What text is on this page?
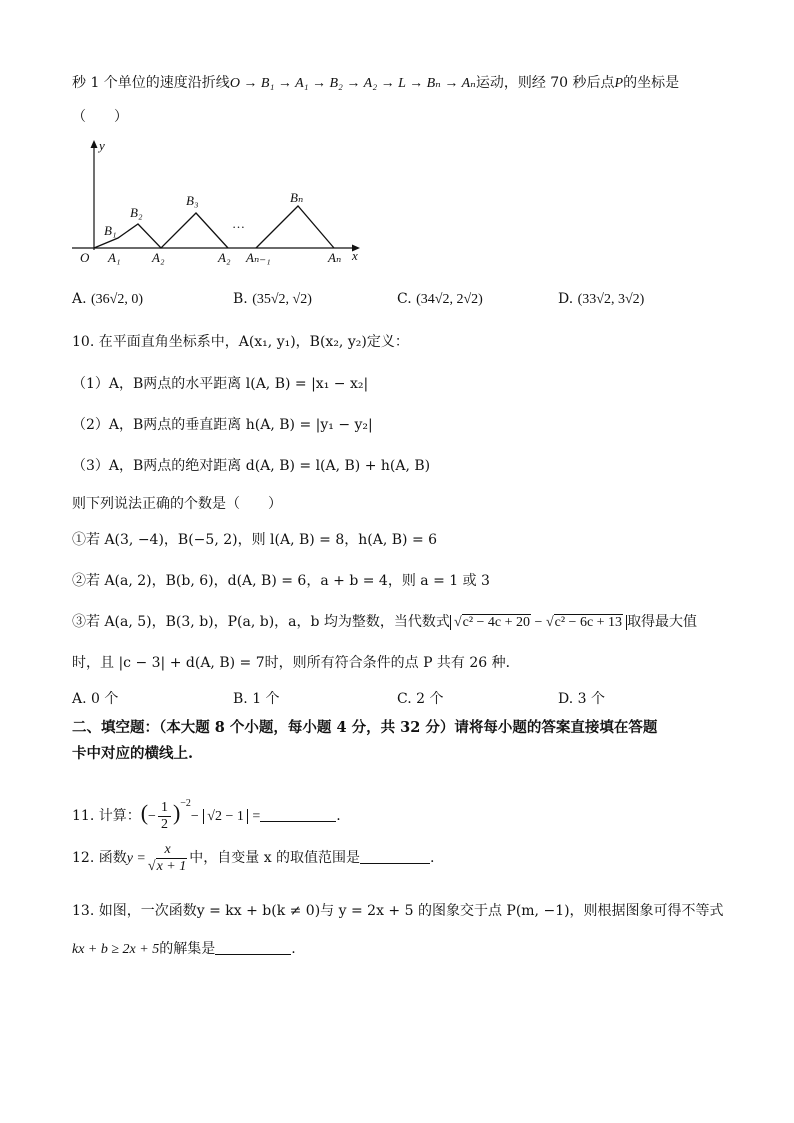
秒 1 个单位的速度沿折线O → B₁ → A₁ → B₂ → A₂ → L → Bₙ → Aₙ运动，则经 70 秒后点P的坐标是
（　　）
y
x
O
B₁
B₂
B₃	Bₙ
A₁ A₂	A₂ Aₙ₋₁	Aₙ
…
A. (36√2, 0)	B. (35√2, √2)	C. (34√2, 2√2)	D. (33√2, 3√2)
10. 在平面直角坐标系中，A(x₁, y₁)，B(x₂, y₂)定义：
（1）A，B两点的水平距离 l(A, B) = |x₁ − x₂|
（2）A，B两点的垂直距离 h(A, B) = |y₁ − y₂|
（3）A，B两点的绝对距离 d(A, B) = l(A, B) + h(A, B)
则下列说法正确的个数是（　　）
①若 A(3, −4)，B(−5, 2)，则 l(A, B) = 8，h(A, B) = 6
②若 A(a, 2)，B(b, 6)，d(A, B) = 6，a + b = 4，则 a = 1 或 3
③若 A(a, 5)，B(3, b)，P(a, b)，a，b 均为整数，当代数式 √c² − 4c + 20 − √c² − 6c + 13 取得最大值
时，且 |c − 3| + d(A, B) = 7时，则所有符合条件的点 P 共有 26 种．
A. 0 个	B. 1 个	C. 2 个	D. 3 个
二、填空题：（本大题 8 个小题，每小题 4 分，共 32 分）请将每小题的答案直接填在答题
卡中对应的横线上.
11. 计算：(− $\frac{1}{2} )^{-2}- √2 - 1$ =	.
12. 函数$y = \frac{x}{√x + 1}$ 中，自变量 x 的取值范围是	.
13. 如图，一次函数y = kx + b(k ≠ 0)与 y = 2x + 5 的图象交于点 P(m, −1)，则根据图象可得不等式
kx + b ≥ 2x + 5的解集是	.
